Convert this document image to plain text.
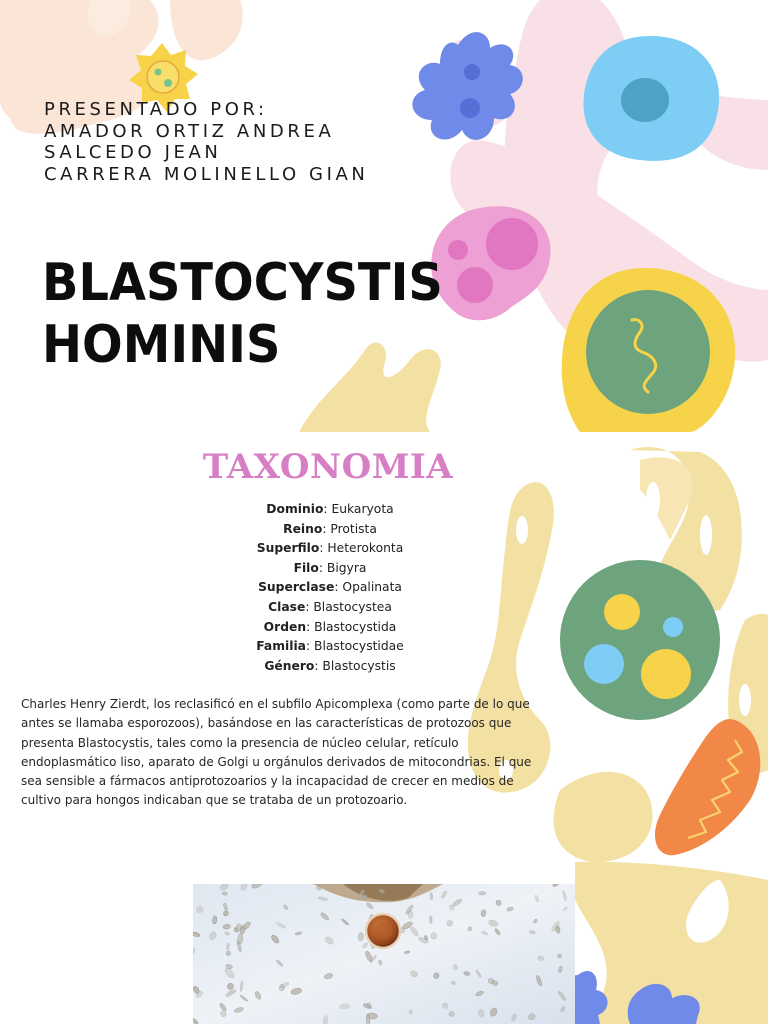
PRESENTADO POR:
AMADOR ORTIZ ANDREA
SALCEDO JEAN
CARRERA MOLINELLO GIAN
BLASTOCYSTIS
HOMINIS
TAXONOMIA
Dominio: Eukaryota
Reino: Protista
Superfilo: Heterokonta
Filo: Bigyra
Superclase: Opalinata
Clase: Blastocystea
Orden: Blastocystida
Familia: Blastocystidae
Género: Blastocystis

Charles Henry Zierdt, los reclasificó en el subfilo Apicomplexa (como parte de lo que antes se llamaba esporozoos), basándose en las características de protozoos que presenta Blastocystis, tales como la presencia de núcleo celular, retículo endoplasmático liso, aparato de Golgi u orgánulos derivados de mitocondrias. El que sea sensible a fármacos antiprotozoarios y la incapacidad de crecer en medios de cultivo para hongos indicaban que se trataba de un protozoario.
